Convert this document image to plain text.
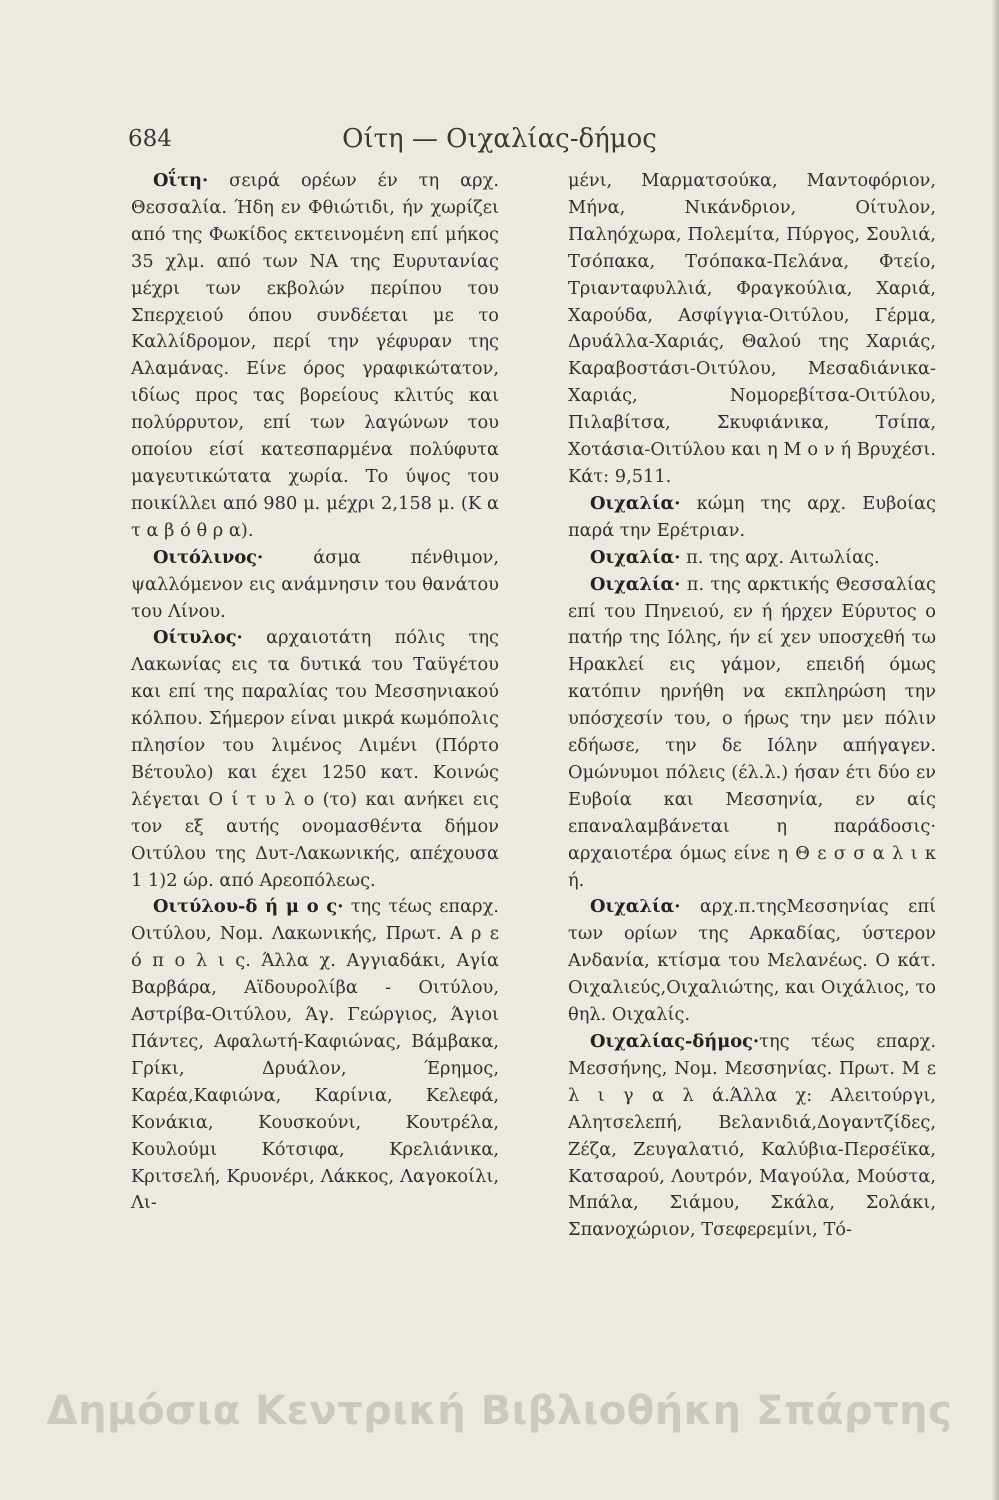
684	Οίτη — Οιχαλίας-δήμος

Οΐτη· σειρά ορέων έν τη αρχ. Θεσσαλία. Ήδη εν Φθιώτιδι, ήν χωρίζει από της Φωκίδος εκτεινομένη επί μήκος 35 χλμ. από των ΝΑ της Ευρυτανίας μέχρι των εκβολών περίπου του Σπερχειού όπου συνδέεται με το Καλλίδρομον, περί την γέφυραν της Αλαμάνας. Είνε όρος γραφικώτατον, ιδίως προς τας βορείους κλιτύς και πολύρρυτον, επί των λαγώνων του οποίου είσί κατεσπαρμένα πολύφυτα μαγευτικώτατα χωρία. Το ύψος του ποικίλλει από 980 μ. μέχρι 2,158 μ. (Κ α τ α β ό θ ρ α).

Οιτόλινος· άσμα πένθιμον, ψαλλόμενον εις ανάμνησιν του θανάτου του Λίνου.

Οίτυλος· αρχαιοτάτη πόλις της Λακωνίας εις τα δυτικά του Ταϋγέτου και επί της παραλίας του Μεσσηνιακού κόλπου. Σήμερον είναι μικρά κωμόπολις πλησίον του λιμένος Λιμένι (Πόρτο Βέτουλο) και έχει 1250 κατ. Κοινώς λέγεται Ο ί τ υ λ ο (το) και ανήκει εις τον εξ αυτής ονομασθέντα δήμον Οιτύλου της Δυτ-Λακωνικής, απέχουσα 1 1)2 ώρ. από Αρεοπόλεως.

Οιτύλου-δ ή μ ο ς· της τέως επαρχ. Οιτύλου, Νομ. Λακωνικής, Πρωτ. Α ρ ε ό π ο λ ι ς. Άλλα χ. Αγγιαδάκι, Αγία Βαρβάρα, Αϊδουρολίβα - Οιτύλου, Αστρίβα-Οιτύλου, Άγ. Γεώργιος, Άγιοι Πάντες, Αφαλωτή-Καφιώνας, Βάμβακα, Γρίκι, Δρυάλον, Έρημος, Καρέα,Καφιώνα, Καρίνια, Κελεφά, Κονάκια, Κουσκούνι, Κουτρέλα, Κουλούμι Κότσιφα, Κρελιάνικα, Κριτσελή, Κρυονέρι, Λάκκος, Λαγοκοίλι, Λι-

μένι, Μαρματσούκα, Μαντοφόριον, Μήνα, Νικάνδριον, Οίτυλον, Παληόχωρα, Πολεμίτα, Πύργος, Σουλιά, Τσόπακα, Τσόπακα-Πελάνα, Φτείο, Τριανταφυλλιά, Φραγκούλια, Χαριά, Χαρούδα, Ασφίγγια-Οιτύλου, Γέρμα, Δρυάλλα-Χαριάς, Θαλού της Χαριάς, Καραβοστάσι-Οιτύλου, Μεσαδιάνικα-Χαριάς, Νομορεβίτσα-Οιτύλου, Πιλαβίτσα, Σκυφιάνικα, Τσίπα, Χοτάσια-Οιτύλου και η Μ ο ν ή Βρυχέσι. Κάτ: 9,511.

Οιχαλία· κώμη της αρχ. Ευβοίας παρά την Ερέτριαν.

Οιχαλία· π. της αρχ. Αιτωλίας.

Οιχαλία· π. της αρκτικής Θεσσαλίας επί του Πηνειού, εν ή ήρχεν Εύρυτος ο πατήρ της Ιόλης, ήν εί χεν υποσχεθή τω Ηρακλεί εις γάμον, επειδή όμως κατόπιν ηρνήθη να εκπληρώση την υπόσχεσίν του, ο ήρως την μεν πόλιν εδήωσε, την δε Ιόλην απήγαγεν. Ομώνυμοι πόλεις (έλ.λ.) ήσαν έτι δύο εν Ευβοία και Μεσσηνία, εν αίς επαναλαμβάνεται η παράδοσις· αρχαιοτέρα όμως είνε η Θ ε σ σ α λ ι κ ή.

Οιχαλία· αρχ.π.τηςΜεσσηνίας επί των ορίων της Αρκαδίας, ύστερον Ανδανία, κτίσμα του Μελανέως. Ο κάτ. Οιχαλιεύς,Οιχαλιώτης, και Οιχάλιος, το θηλ. Οιχαλίς.

Οιχαλίας-δήμος·της τέως επαρχ. Μεσσήνης, Νομ. Μεσσηνίας. Πρωτ. Μ ε λ ι γ α λ ά.Άλλα χ: Αλειτούργι, Αλητσελεπή, Βελανιδιά,Δογαντζίδες, Ζέζα, Ζευγαλατιό, Καλύβια-Περσέϊκα, Κατσαρού, Λουτρόν, Μαγούλα, Μούστα, Μπάλα, Σιάμου, Σκάλα, Σολάκι, Σπανοχώριον, Τσεφερεμίνι, Τό-

Δημόσια Κεντρική Βιβλιοθήκη Σπάρτης
